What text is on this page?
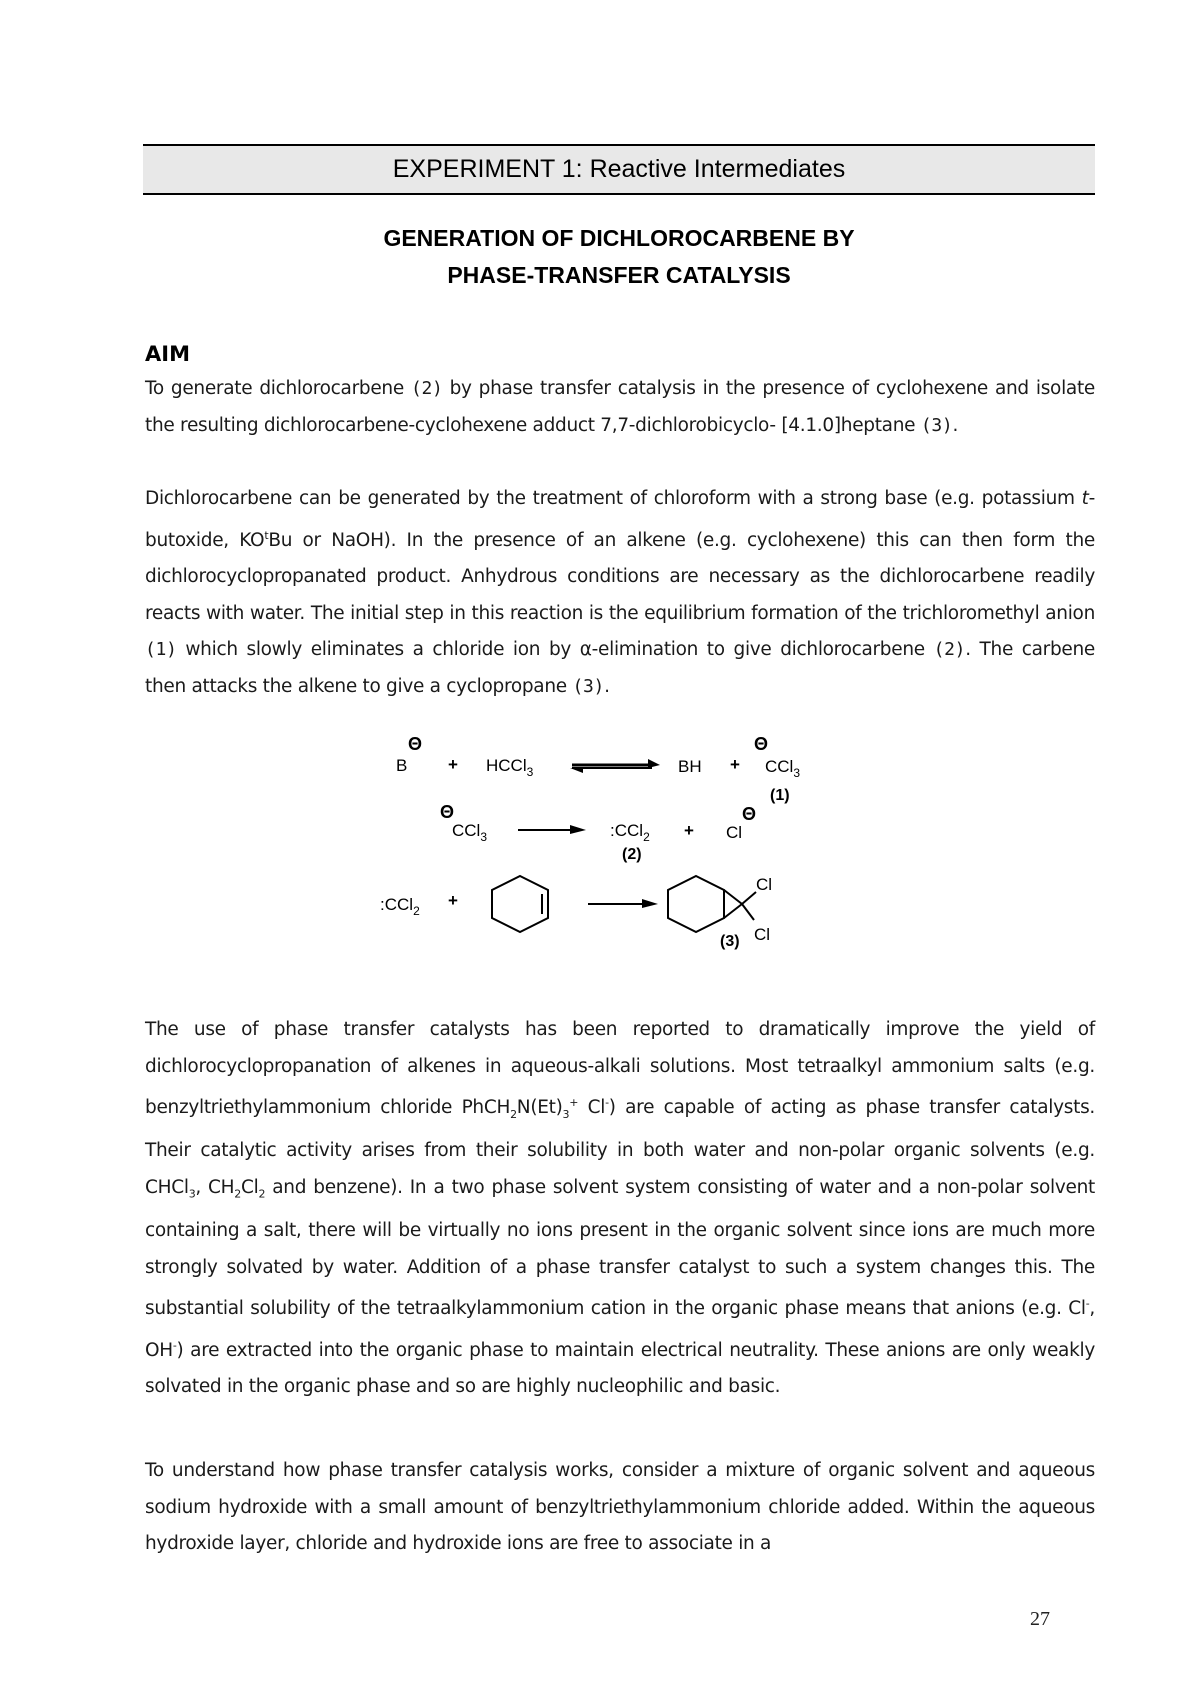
EXPERIMENT 1: Reactive Intermediates
GENERATION OF DICHLOROCARBENE BY
PHASE-TRANSFER CATALYSIS
AIM
To generate dichlorocarbene (2) by phase transfer catalysis in the presence of cyclohexene and isolate the resulting dichlorocarbene-cyclohexene adduct 7,7-dichlorobicyclo- [4.1.0]heptane (3).
Dichlorocarbene can be generated by the treatment of chloroform with a strong base (e.g. potassium t-butoxide, $KO^tBu$ or NaOH). In the presence of an alkene (e.g. cyclohexene) this can then form the dichlorocyclopropanated product. Anhydrous conditions are necessary as the dichlorocarbene readily reacts with water. The initial step in this reaction is the equilibrium formation of the trichloromethyl anion (1) which slowly eliminates a chloride ion by α-elimination to give dichlorocarbene (2). The carbene then attacks the alkene to give a cyclopropane (3).
B
Θ
+ HCCl$_3$	BH +
Θ
CCl$_3$
(1)
Θ
CCl$_3$	:CCl$_2$
(2)
+ Cl
Θ
:CCl$_2$
+
Cl
Cl
(3)
The use of phase transfer catalysts has been reported to dramatically improve the yield of dichlorocyclopropanation of alkenes in aqueous-alkali solutions. Most tetraalkyl ammonium salts (e.g. benzyltriethylammonium chloride $PhCH_2N(Et)_3^+$ Cl-) are capable of acting as phase transfer catalysts. Their catalytic activity arises from their solubility in both water and non-polar organic solvents (e.g. CHCl$_3$, $CH_2Cl_2$ and benzene). In a two phase solvent system consisting of water and a non-polar solvent containing a salt, there will be virtually no ions present in the organic solvent since ions are much more strongly solvated by water. Addition of a phase transfer catalyst to such a system changes this. The substantial solubility of the tetraalkylammonium cation in the organic phase means that anions (e.g. Cl-, OH-) are extracted into the organic phase to maintain electrical neutrality. These anions are only weakly solvated in the organic phase and so are highly nucleophilic and basic.
To understand how phase transfer catalysis works, consider a mixture of organic solvent and aqueous sodium hydroxide with a small amount of benzyltriethylammonium chloride added. Within the aqueous hydroxide layer, chloride and hydroxide ions are free to associate in a
27
